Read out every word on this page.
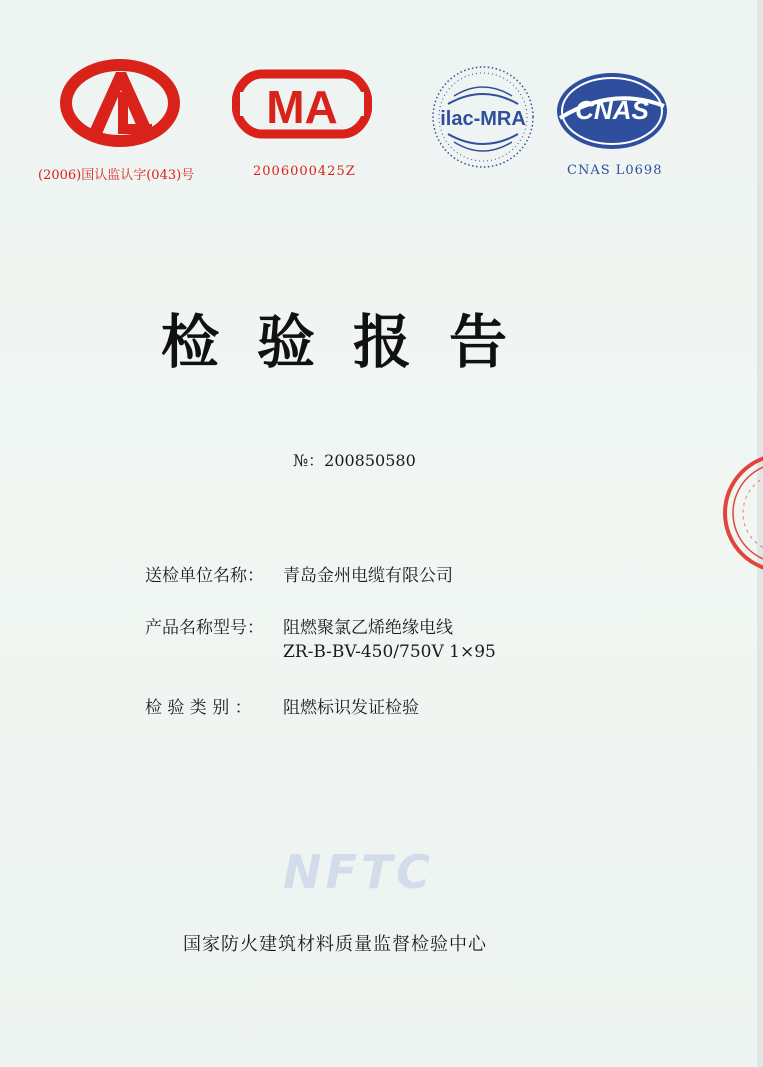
(2006)国认监认字(043)号
MA
2006000425Z
ilac-MRA CNAS
CNAS L0698
检验报告
№：200850580
送检单位名称： 青岛金州电缆有限公司
产品名称型号： 阻燃聚氯乙烯绝缘电线
ZR-B-BV-450/750V 1×95
检 验 类 别 ： 阻燃标识发证检验
NFTC
国家防火建筑材料质量监督检验中心
